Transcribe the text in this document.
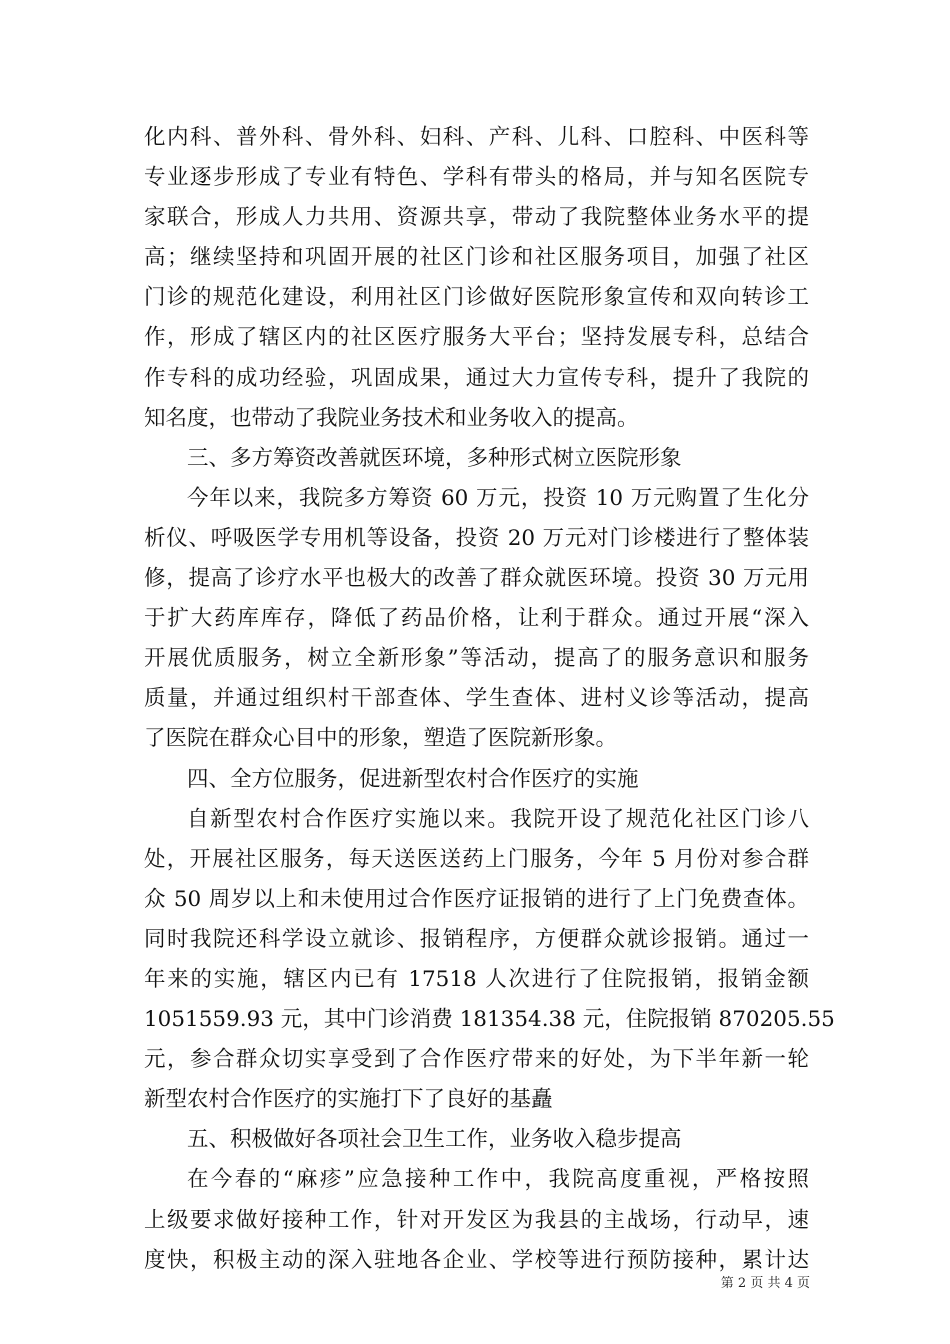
化内科、普外科、骨外科、妇科、产科、儿科、口腔科、中医科等
专业逐步形成了专业有特色、学科有带头的格局，并与知名医院专
家联合，形成人力共用、资源共享，带动了我院整体业务水平的提
高；继续坚持和巩固开展的社区门诊和社区服务项目，加强了社区
门诊的规范化建设，利用社区门诊做好医院形象宣传和双向转诊工
作，形成了辖区内的社区医疗服务大平台；坚持发展专科，总结合
作专科的成功经验，巩固成果，通过大力宣传专科，提升了我院的
知名度，也带动了我院业务技术和业务收入的提高。
三、多方筹资改善就医环境，多种形式树立医院形象
今年以来，我院多方筹资 60 万元，投资 10 万元购置了生化分
析仪、呼吸医学专用机等设备，投资 20 万元对门诊楼进行了整体装
修，提高了诊疗水平也极大的改善了群众就医环境。投资 30 万元用
于扩大药库库存，降低了药品价格，让利于群众。通过开展“深入
开展优质服务，树立全新形象”等活动，提高了的服务意识和服务
质量，并通过组织村干部查体、学生查体、进村义诊等活动，提高
了医院在群众心目中的形象，塑造了医院新形象。
四、全方位服务，促进新型农村合作医疗的实施
自新型农村合作医疗实施以来。我院开设了规范化社区门诊八
处，开展社区服务，每天送医送药上门服务，今年 5 月份对参合群
众 50 周岁以上和未使用过合作医疗证报销的进行了上门免费查体。
同时我院还科学设立就诊、报销程序，方便群众就诊报销。通过一
年来的实施，辖区内已有 17518 人次进行了住院报销，报销金额
1051559.93 元，其中门诊消费 181354.38 元，住院报销 870205.55
元，参合群众切实享受到了合作医疗带来的好处，为下半年新一轮
新型农村合作医疗的实施打下了良好的基矗
五、积极做好各项社会卫生工作，业务收入稳步提高
在今春的“麻疹”应急接种工作中，我院高度重视，严格按照
上级要求做好接种工作，针对开发区为我县的主战场，行动早，速
度快，积极主动的深入驻地各企业、学校等进行预防接种，累计达
第 2 页 共 4 页
